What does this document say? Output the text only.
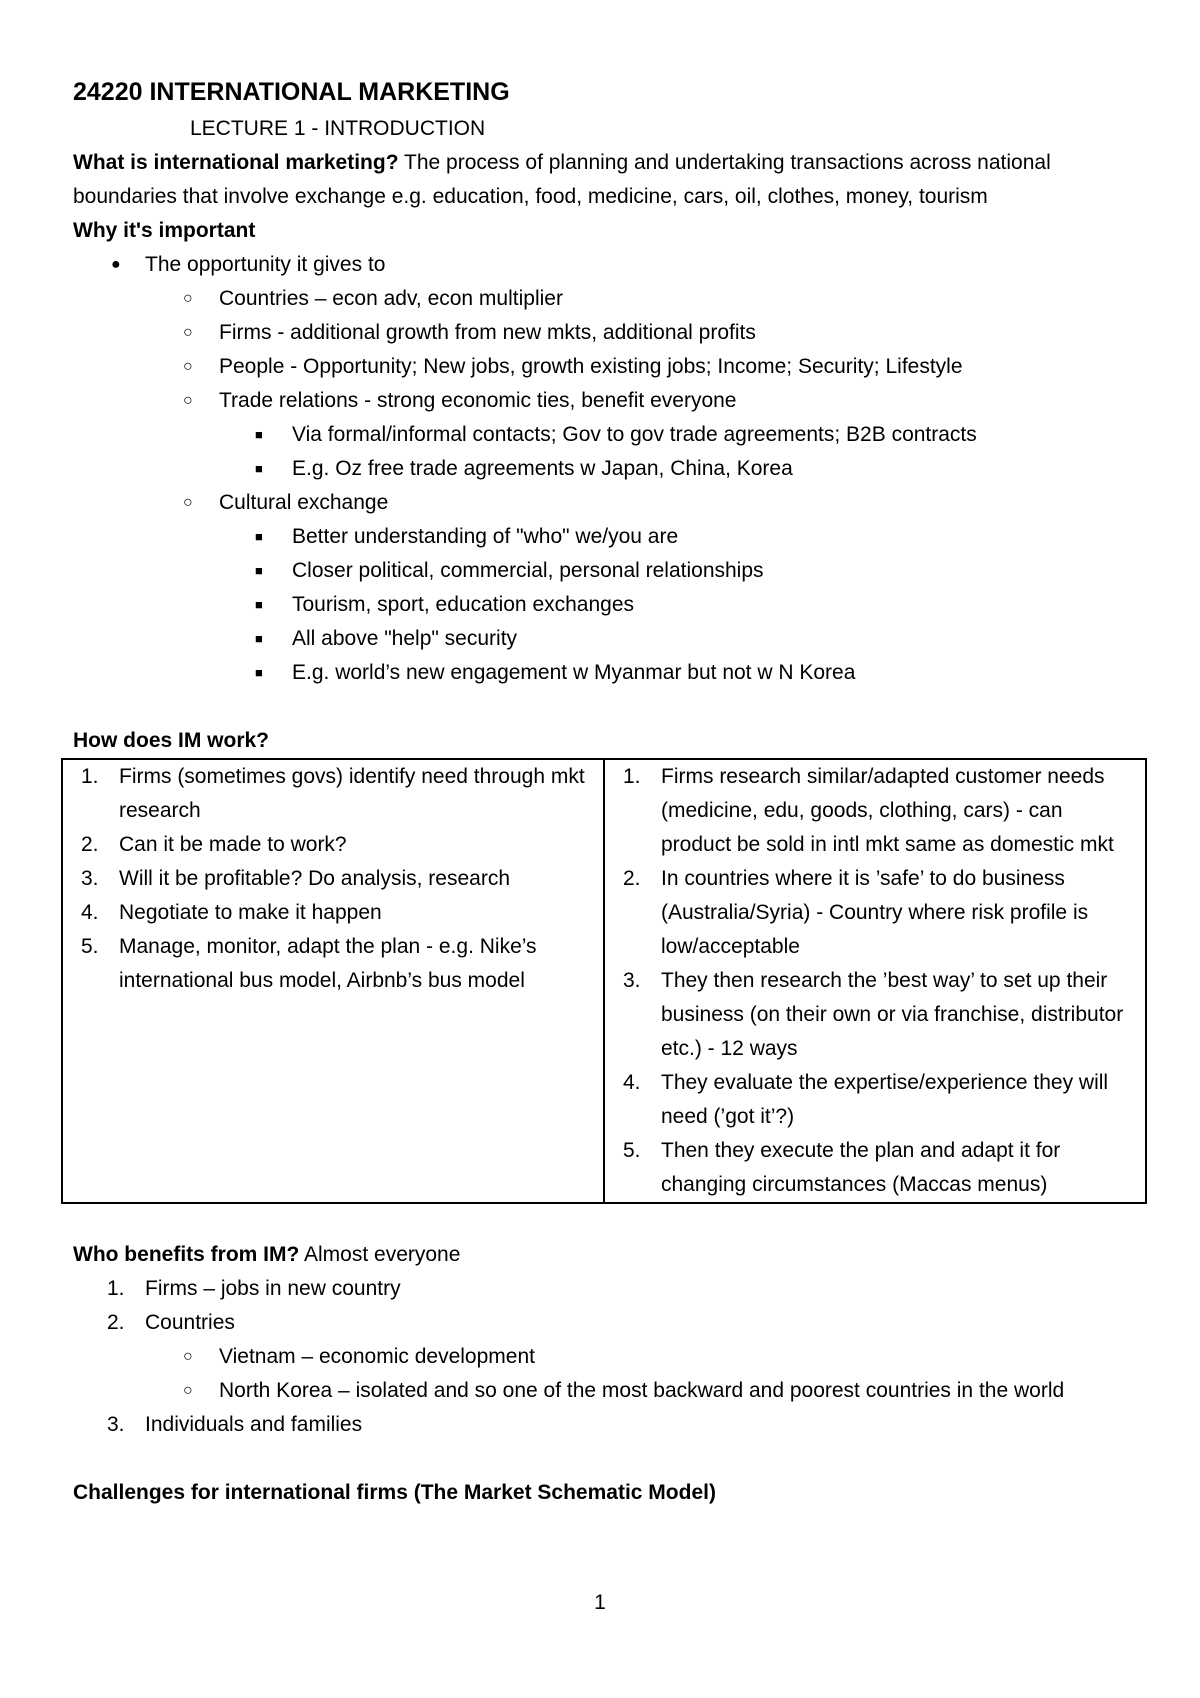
24220 INTERNATIONAL MARKETING
LECTURE 1 - INTRODUCTION
What is international marketing? The process of planning and undertaking transactions across national boundaries that involve exchange e.g. education, food, medicine, cars, oil, clothes, money, tourism
Why it's important
● The opportunity it gives to
○ Countries – econ adv, econ multiplier
○ Firms - additional growth from new mkts, additional profits
○ People - Opportunity; New jobs, growth existing jobs; Income; Security; Lifestyle
○ Trade relations - strong economic ties, benefit everyone
■ Via formal/informal contacts; Gov to gov trade agreements; B2B contracts
■ E.g. Oz free trade agreements w Japan, China, Korea
○ Cultural exchange
■ Better understanding of "who" we/you are
■ Closer political, commercial, personal relationships
■ Tourism, sport, education exchanges
■ All above "help" security
■ E.g. world’s new engagement w Myanmar but not w N Korea
How does IM work?
1. Firms (sometimes govs) identify need through mkt research
2. Can it be made to work?
3. Will it be profitable? Do analysis, research
4. Negotiate to make it happen
5. Manage, monitor, adapt the plan - e.g. Nike’s international bus model, Airbnb’s bus model

1. Firms research similar/adapted customer needs (medicine, edu, goods, clothing, cars) - can product be sold in intl mkt same as domestic mkt
2. In countries where it is ’safe’ to do business (Australia/Syria) - Country where risk profile is low/acceptable
3. They then research the ’best way’ to set up their business (on their own or via franchise, distributor etc.) - 12 ways
4. They evaluate the expertise/experience they will need (’got it’?)
5. Then they execute the plan and adapt it for changing circumstances (Maccas menus)
Who benefits from IM? Almost everyone
1. Firms – jobs in new country
2. Countries
○ Vietnam – economic development
○ North Korea – isolated and so one of the most backward and poorest countries in the world
3. Individuals and families
Challenges for international firms (The Market Schematic Model)
1
